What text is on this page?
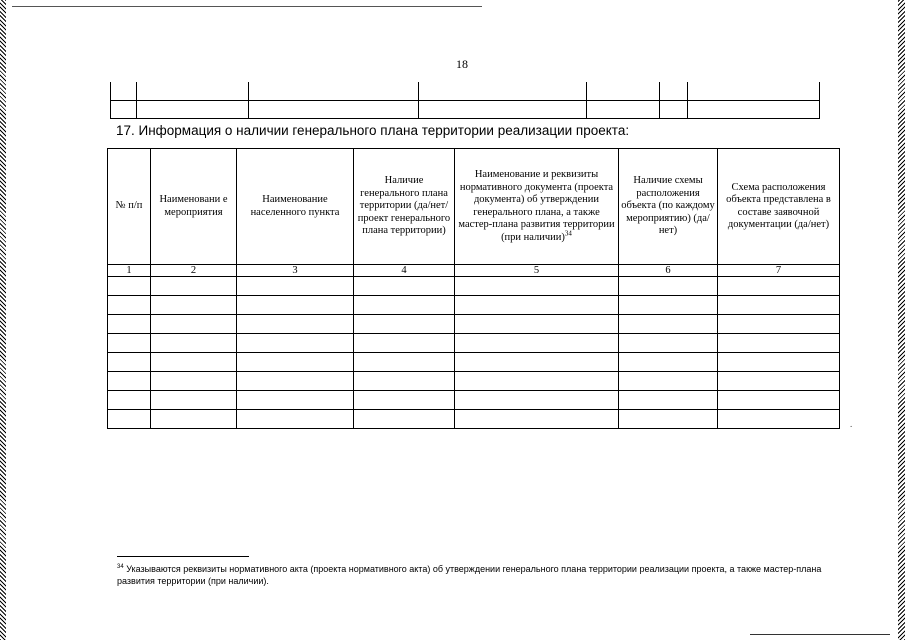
18
17. Информация о наличии генерального плана территории реализации проекта:
№ п/п	Наименовани е мероприятия	Наименование населенного пункта	Наличие генерального плана территории (да/нет/проект генерального плана территории)	Наименование и реквизиты нормативного документа (проекта документа) об утверждении генерального плана, а также мастер-плана развития территории (при наличии)$^{34}$	Наличие схемы расположения объекта (по каждому мероприятию) (да/нет)	Схема расположения объекта представлена в составе заявочной документации (да/нет)
1	2	3	4	5	6	7

.
$^{34}$ Указываются реквизиты нормативного акта (проекта нормативного акта) об утверждении генерального плана территории реализации проекта, а также мастер-плана развития территории (при наличии).
